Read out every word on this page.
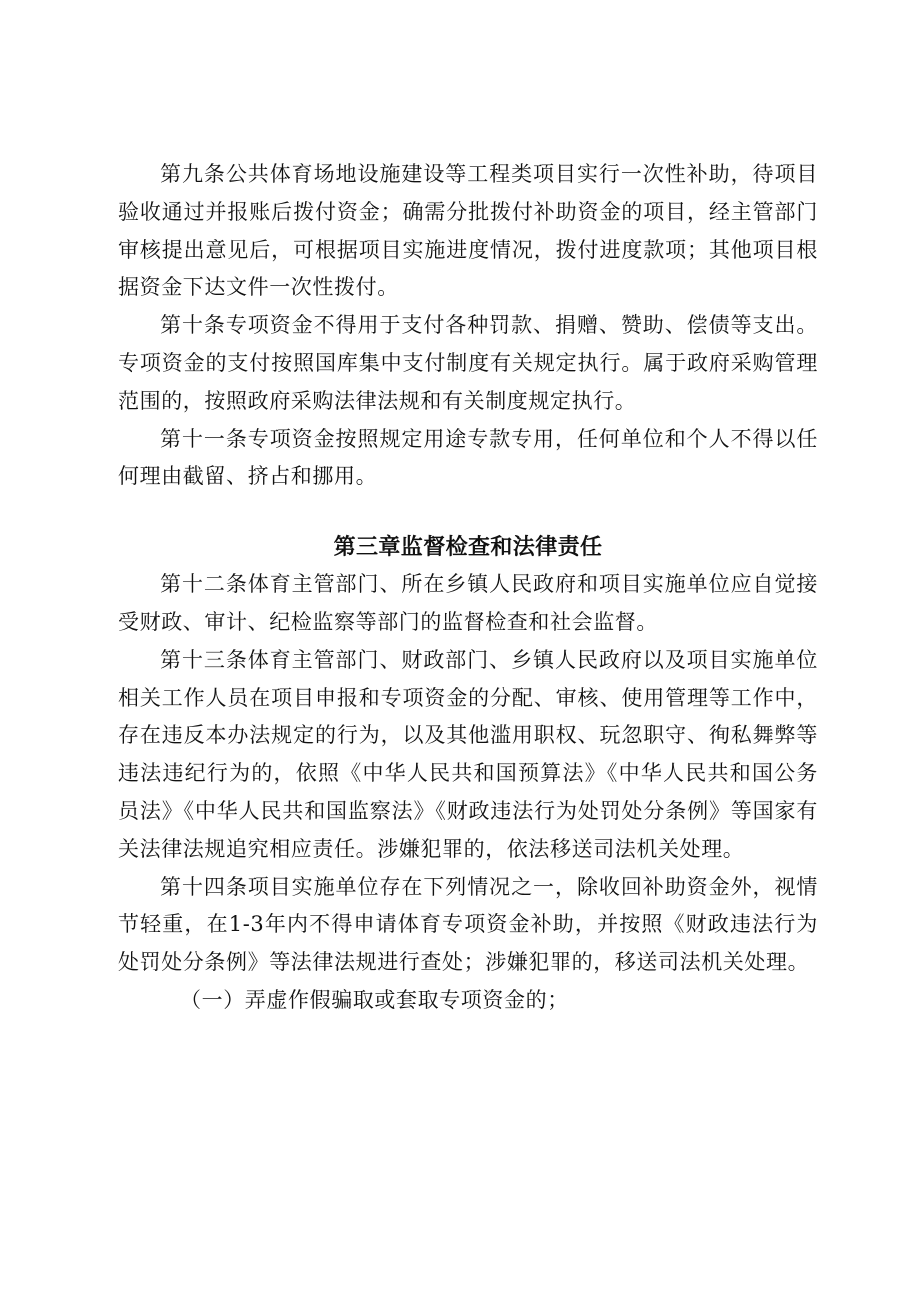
第九条公共体育场地设施建设等工程类项目实行一次性补助，待项目验收通过并报账后拨付资金；确需分批拨付补助资金的项目，经主管部门审核提出意见后，可根据项目实施进度情况，拨付进度款项；其他项目根据资金下达文件一次性拨付。

第十条专项资金不得用于支付各种罚款、捐赠、赞助、偿债等支出。专项资金的支付按照国库集中支付制度有关规定执行。属于政府采购管理范围的，按照政府采购法律法规和有关制度规定执行。

第十一条专项资金按照规定用途专款专用，任何单位和个人不得以任何理由截留、挤占和挪用。

第三章监督检查和法律责任

第十二条体育主管部门、所在乡镇人民政府和项目实施单位应自觉接受财政、审计、纪检监察等部门的监督检查和社会监督。

第十三条体育主管部门、财政部门、乡镇人民政府以及项目实施单位相关工作人员在项目申报和专项资金的分配、审核、使用管理等工作中，存在违反本办法规定的行为，以及其他滥用职权、玩忽职守、徇私舞弊等违法违纪行为的，依照《中华人民共和国预算法》《中华人民共和国公务员法》《中华人民共和国监察法》《财政违法行为处罚处分条例》等国家有关法律法规追究相应责任。涉嫌犯罪的，依法移送司法机关处理。

第十四条项目实施单位存在下列情况之一，除收回补助资金外，视情节轻重，在1-3年内不得申请体育专项资金补助，并按照《财政违法行为处罚处分条例》等法律法规进行查处；涉嫌犯罪的，移送司法机关处理。

（一）弄虚作假骗取或套取专项资金的；
